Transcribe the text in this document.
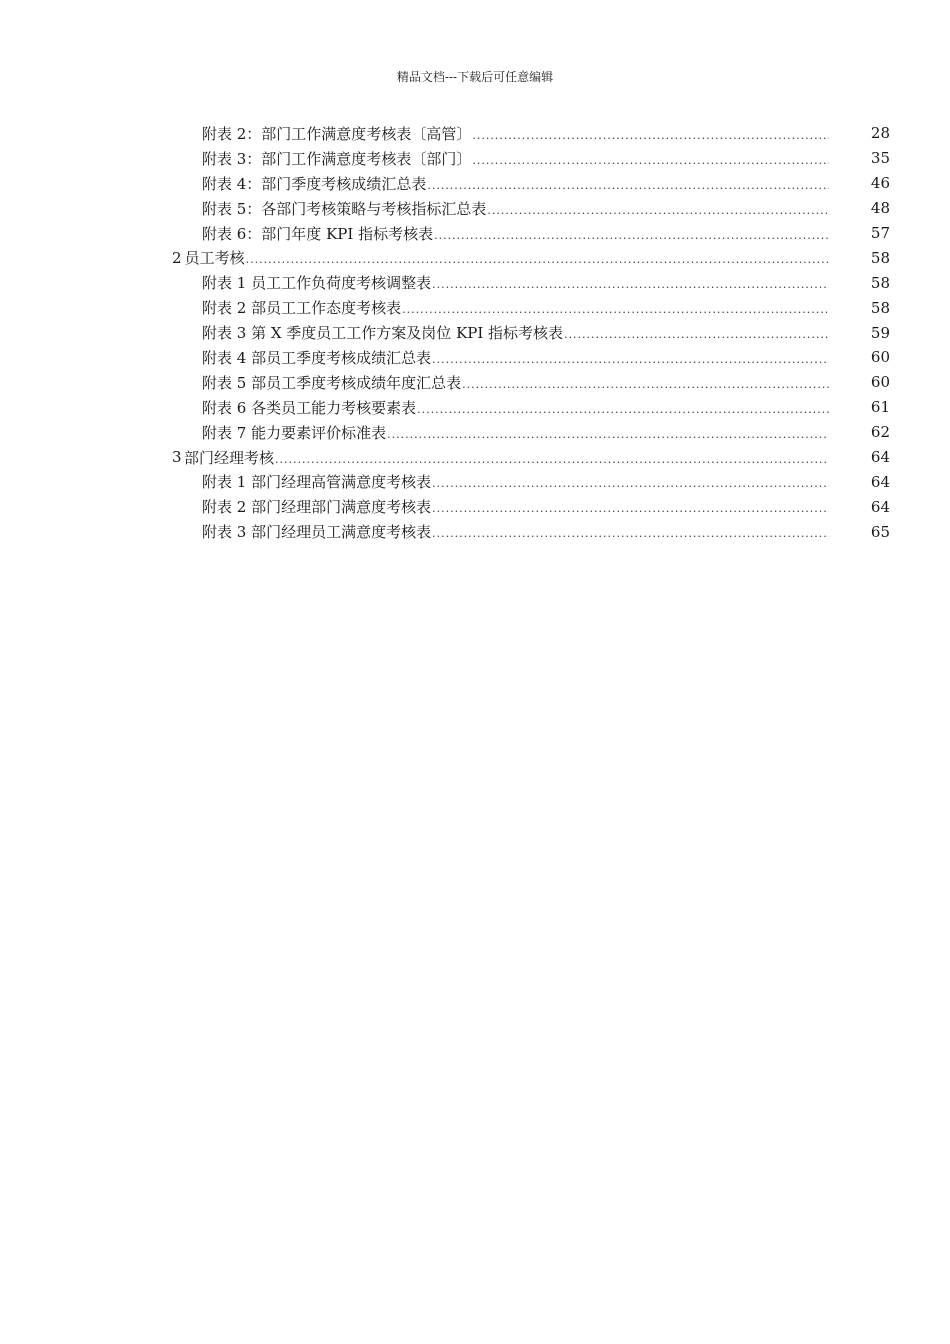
精品文档---下载后可任意编辑
附表 2：部门工作满意度考核表〔高管〕 .....	28
附表 3：部门工作满意度考核表〔部门〕 .....	35
附表 4：部门季度考核成绩汇总表 .....	46
附表 5：各部门考核策略与考核指标汇总表 .....	48
附表 6：部门年度 KPI 指标考核表 .....	57
2 员工考核 .....	58
附表 1 员工工作负荷度考核调整表 .....	58
附表 2 部员工工作态度考核表 .....	58
附表 3 第 X 季度员工工作方案及岗位 KPI 指标考核表 .....	59
附表 4 部员工季度考核成绩汇总表 .....	60
附表 5 部员工季度考核成绩年度汇总表 .....	60
附表 6 各类员工能力考核要素表 .....	61
附表 7 能力要素评价标准表 .....	62
3 部门经理考核 .....	64
附表 1 部门经理高管满意度考核表 .....	64
附表 2 部门经理部门满意度考核表 .....	64
附表 3 部门经理员工满意度考核表 .....	65
